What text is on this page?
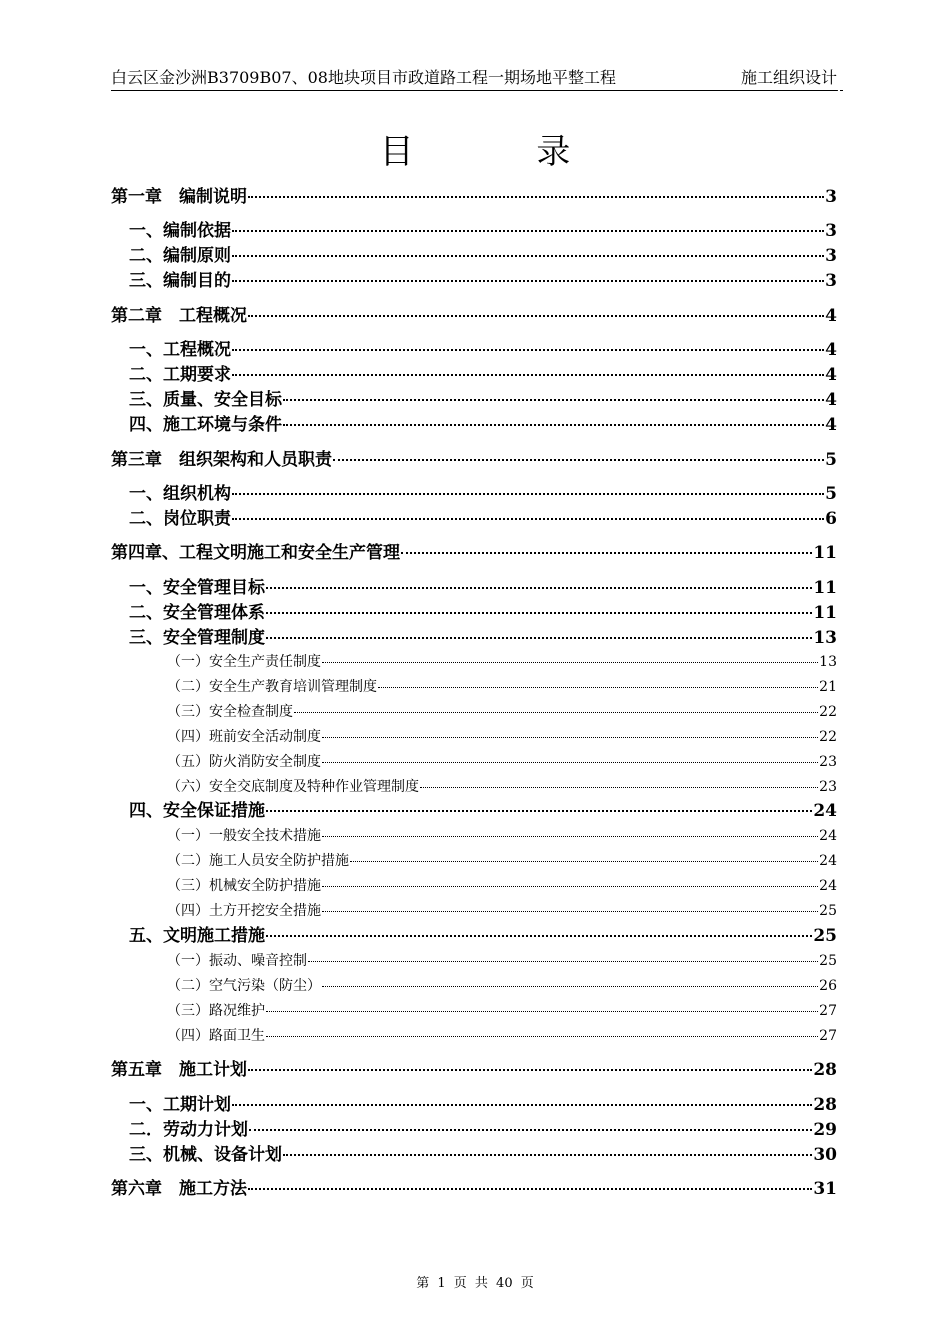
白云区金沙洲B3709B07、08地块项目市政道路工程一期场地平整工程	施工组织设计
目 录
第一章　编制说明	3
一、编制依据	3
二、编制原则	3
三、编制目的	3
第二章　工程概况	4
一、工程概况	4
二、工期要求	4
三、质量、安全目标	4
四、施工环境与条件	4
第三章　组织架构和人员职责	5
一、组织机构	5
二、岗位职责	6
第四章、工程文明施工和安全生产管理	11
一、安全管理目标	11
二、安全管理体系	11
三、安全管理制度	13
（一）安全生产责任制度	13
（二）安全生产教育培训管理制度	21
（三）安全检查制度	22
（四）班前安全活动制度	22
（五）防火消防安全制度	23
（六）安全交底制度及特种作业管理制度	23
四、安全保证措施	24
（一）一般安全技术措施	24
（二）施工人员安全防护措施	24
（三）机械安全防护措施	24
（四）土方开挖安全措施	25
五、文明施工措施	25
（一）振动、噪音控制	25
（二）空气污染（防尘）	26
（三）路况维护	27
（四）路面卫生	27
第五章　施工计划	28
一、工期计划	28
二．劳动力计划	29
三、机械、设备计划	30
第六章　施工方法	31
第 1 页 共 40 页
